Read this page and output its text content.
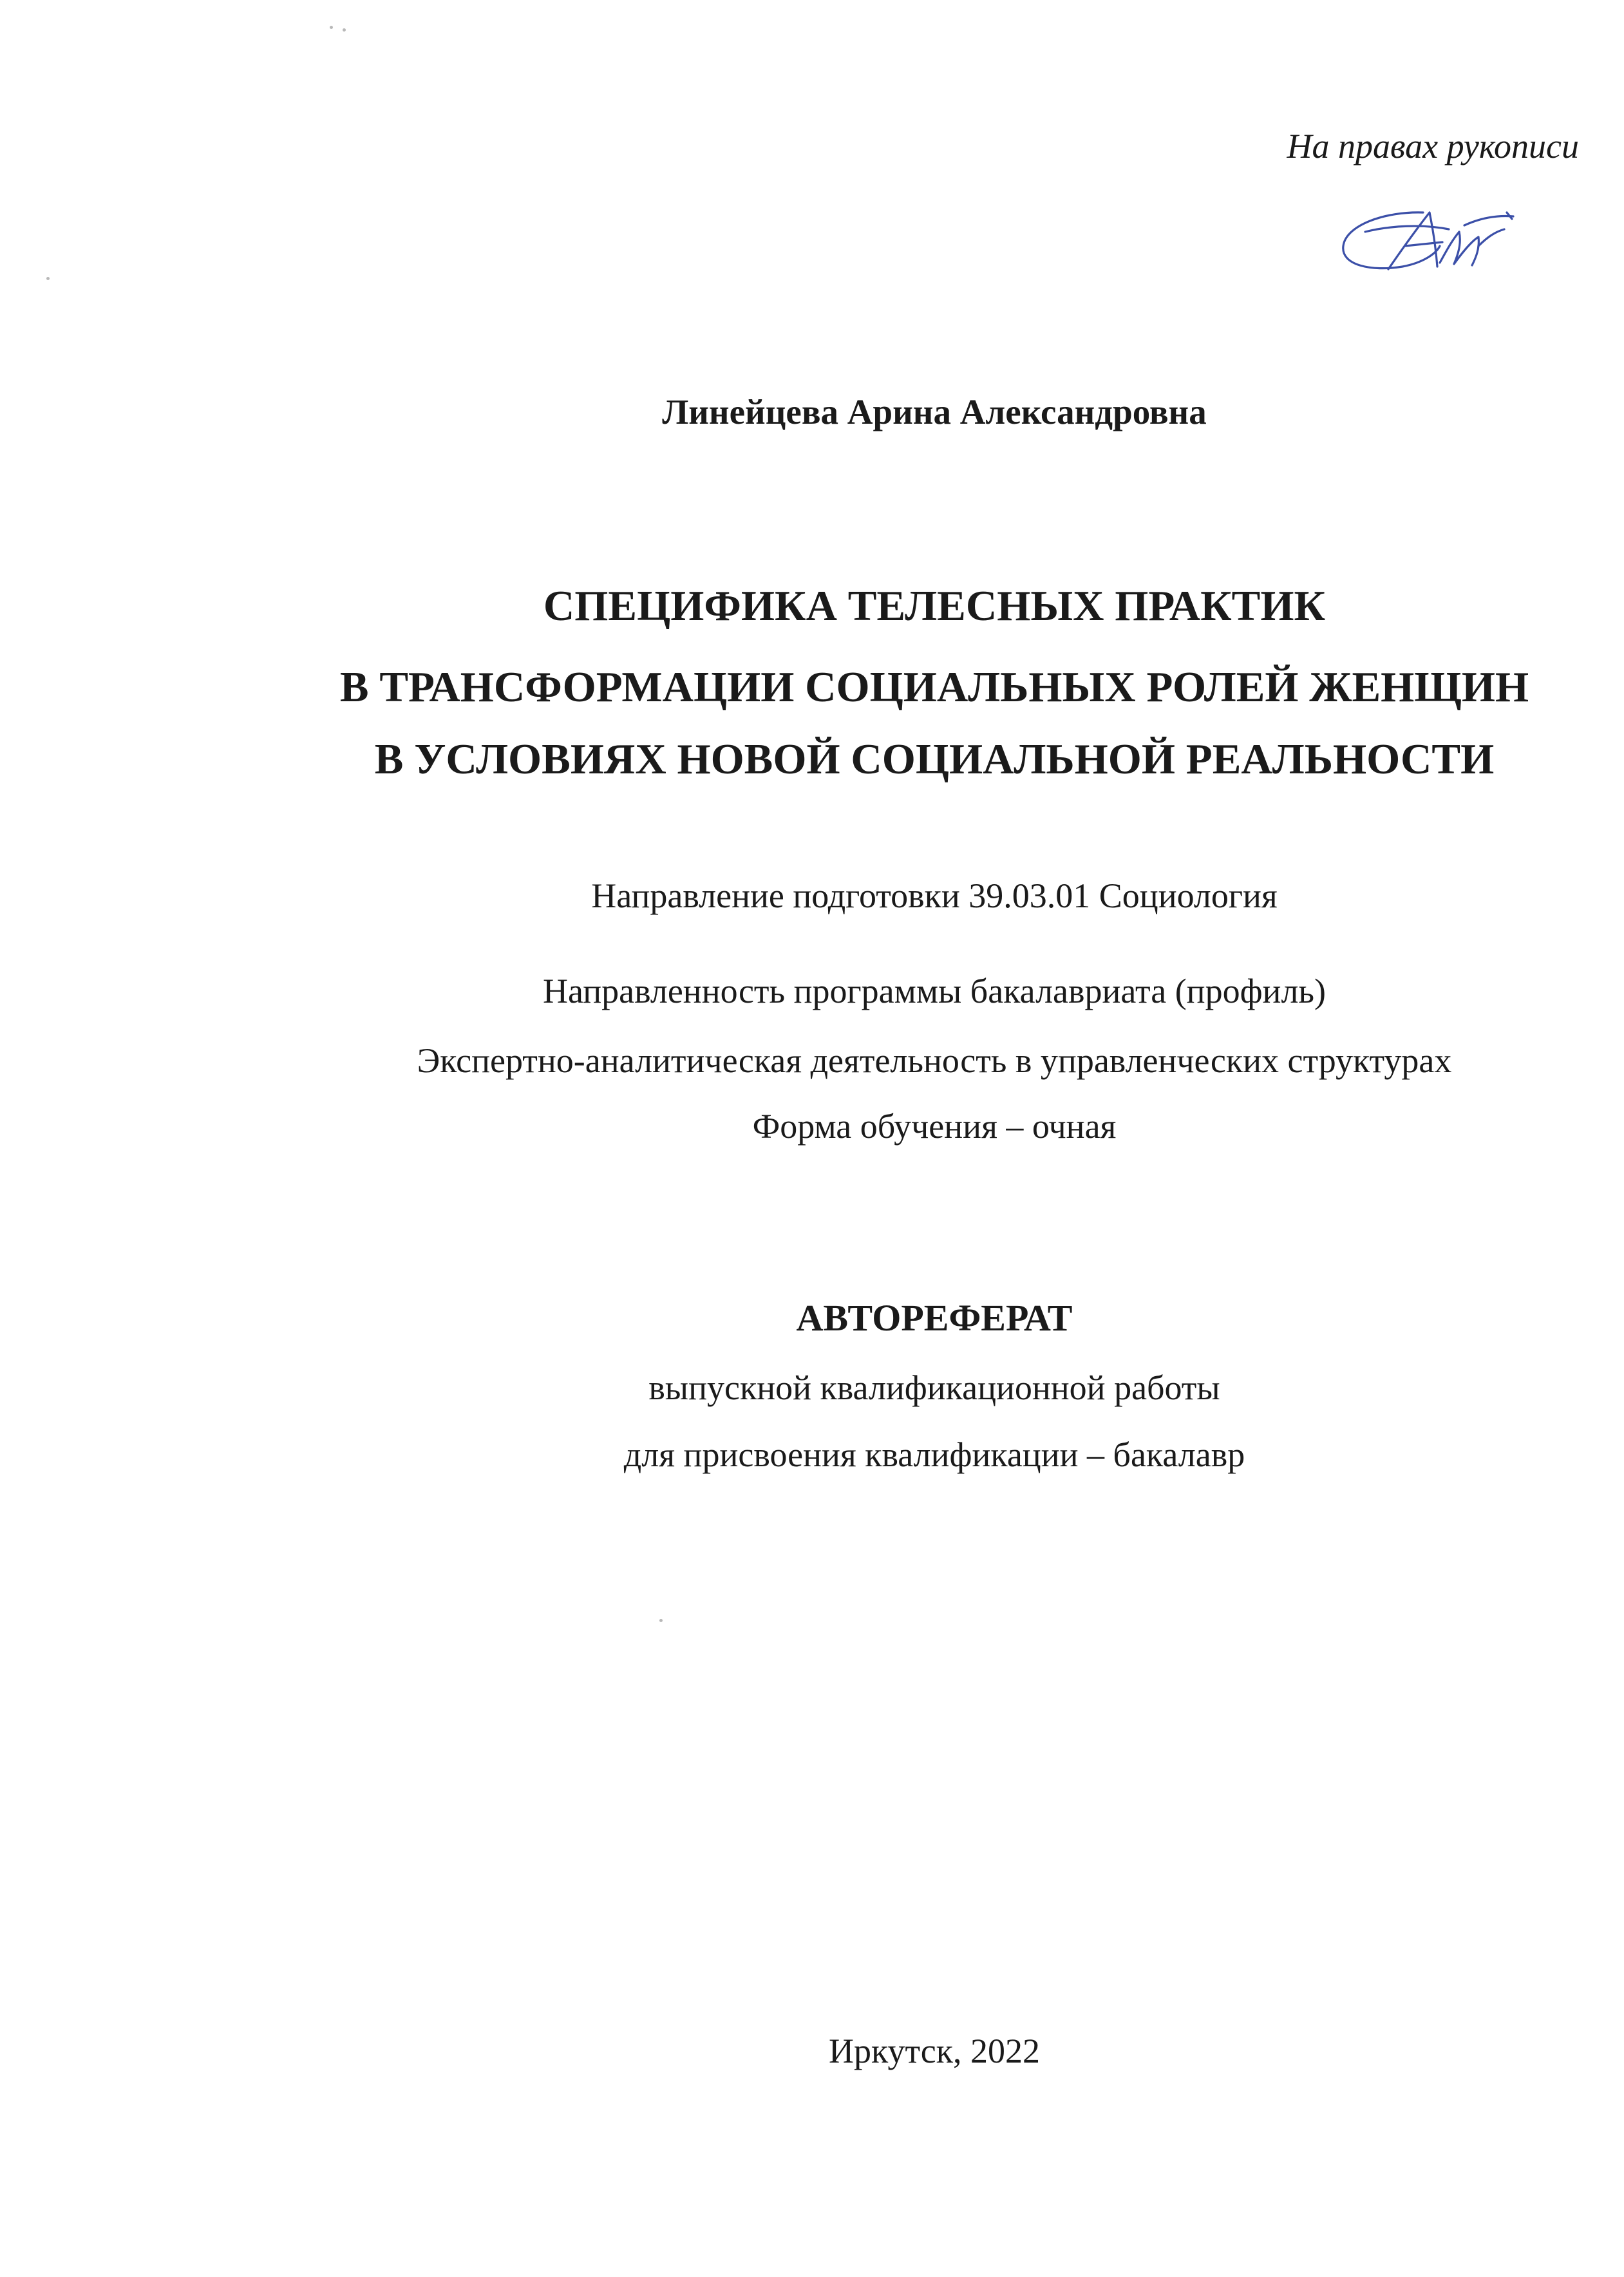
На правах рукописи
Линейцева Арина Александровна
СПЕЦИФИКА ТЕЛЕСНЫХ ПРАКТИК
В ТРАНСФОРМАЦИИ СОЦИАЛЬНЫХ РОЛЕЙ ЖЕНЩИН
В УСЛОВИЯХ НОВОЙ СОЦИАЛЬНОЙ РЕАЛЬНОСТИ
Направление подготовки 39.03.01 Социология
Направленность программы бакалавриата (профиль)
Экспертно-аналитическая деятельность в управленческих структурах
Форма обучения – очная
АВТОРЕФЕРАТ
выпускной квалификационной работы
для присвоения квалификации – бакалавр
Иркутск, 2022
